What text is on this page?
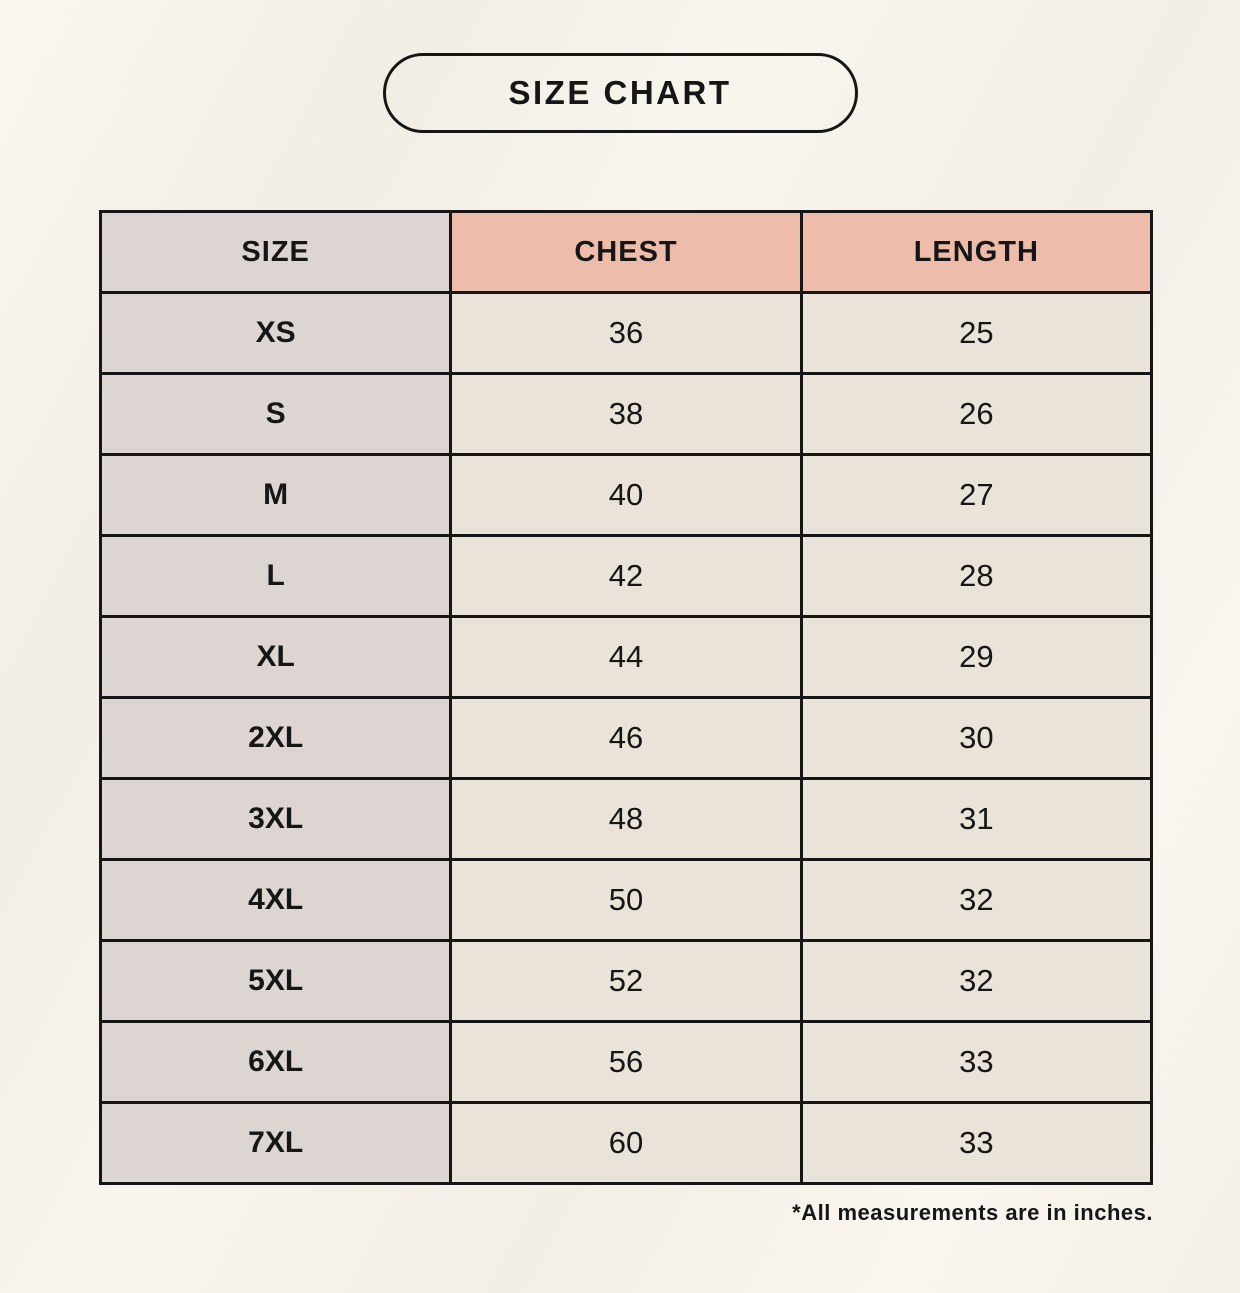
SIZE CHART
SIZE	CHEST	LENGTH
XS	36	25
S	38	26
M	40	27
L	42	28
XL	44	29
2XL	46	30
3XL	48	31
4XL	50	32
5XL	52	32
6XL	56	33
7XL	60	33
*All measurements are in inches.
